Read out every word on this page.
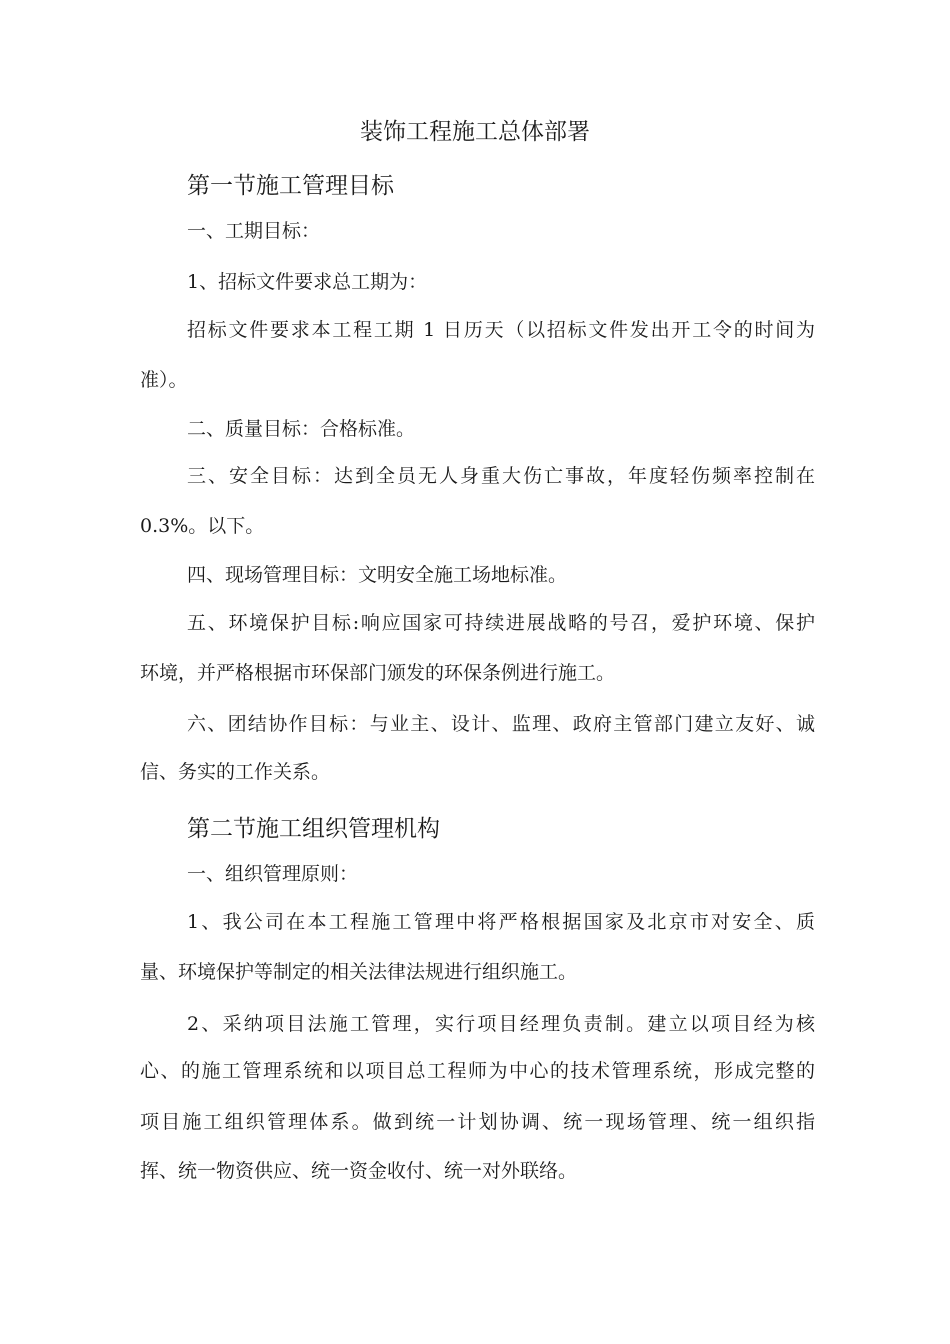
装饰工程施工总体部署
第一节施工管理目标
一、工期目标：
1、招标文件要求总工期为：
招标文件要求本工程工期 1 日历天（以招标文件发出开工令的时间为
准）。
二、质量目标：合格标准。
三、安全目标：达到全员无人身重大伤亡事故，年度轻伤频率控制在
0.3%。以下。
四、现场管理目标：文明安全施工场地标准。
五、环境保护目标:响应国家可持续进展战略的号召，爱护环境、保护
环境，并严格根据市环保部门颁发的环保条例进行施工。
六、团结协作目标：与业主、设计、监理、政府主管部门建立友好、诚
信、务实的工作关系。
第二节施工组织管理机构
一、组织管理原则：
1、我公司在本工程施工管理中将严格根据国家及北京市对安全、质
量、环境保护等制定的相关法律法规进行组织施工。
2、采纳项目法施工管理，实行项目经理负责制。建立以项目经为核
心、的施工管理系统和以项目总工程师为中心的技术管理系统，形成完整的
项目施工组织管理体系。做到统一计划协调、统一现场管理、统一组织指
挥、统一物资供应、统一资金收付、统一对外联络。
